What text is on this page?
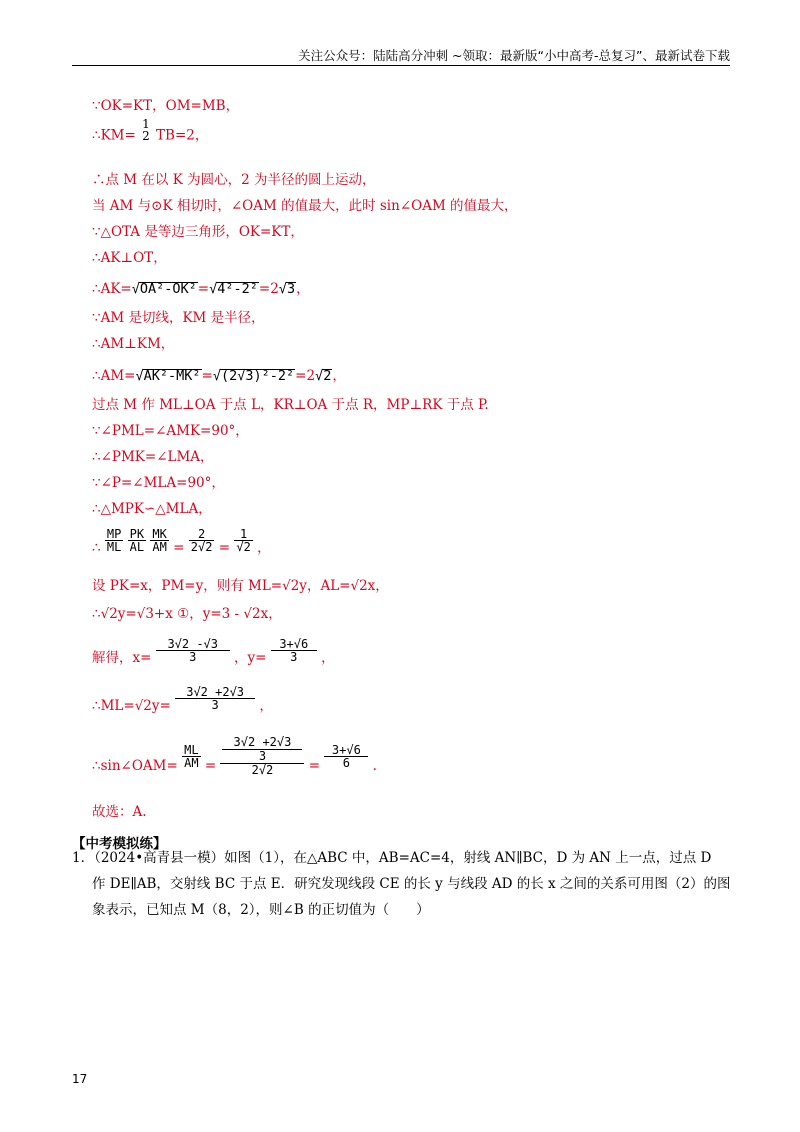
关注公众号：陆陆高分冲刺 ~领取：最新版“小中高考-总复习”、最新试卷下载
∵OK=KT，OM=MB，
∴KM=
1
2 TB=2，
∴点 M 在以 K 为圆心，2 为半径的圆上运动，
当 AM 与⊙K 相切时，∠OAM 的值最大，此时 sin∠OAM 的值最大，
∵△OTA 是等边三角形，OK=KT，
∴AK⊥OT，
∴AK=√OA²-OK²=√4²-2²=2√3，
∵AM 是切线，KM 是半径，
∴AM⊥KM，
∴AM=√AK²-MK²=√(2√3)²-2²=2√2，
过点 M 作 ML⊥OA 于点 L，KR⊥OA 于点 R，MP⊥RK 于点 P.
∵∠PML=∠AMK=90°，
∴∠PMK=∠LMA，
∵∠P=∠MLA=90°，
∴△MPK∽△MLA，
∴ $\frac{MP}{ML}$
$\frac{PK}{AL}$
$\frac{MK}{AM} = \frac{2}{2√2} = \frac{1}{√2}$ ，
设 PK=x，PM=y，则有 ML=√2y，AL=√2x，
∴√2y=√3+x ①，y=3 - √2x，
解得，$x= \frac{3√2 -√3}{3}$ ，$y= \frac{3+√6}{3}$ ，
∴ML=√2y= $\frac{3√2 +2√3}{3}$ ，
∴sin∠OAM= $\frac{ML}{AM} = 3√2 +2√3$
3
$2√2 = \frac{3+√6}{6}$ .
故选：A.
【中考模拟练】
1．（2024•高青县一模）如图（1），在△ABC 中，AB=AC=4，射线 AN∥BC，D 为 AN 上一点，过点 D
作 DE∥AB，交射线 BC 于点 E．研究发现线段 CE 的长 y 与线段 AD 的长 x 之间的关系可用图（2）的图
象表示，已知点 M（8，2），则∠B 的正切值为（　　）
17
